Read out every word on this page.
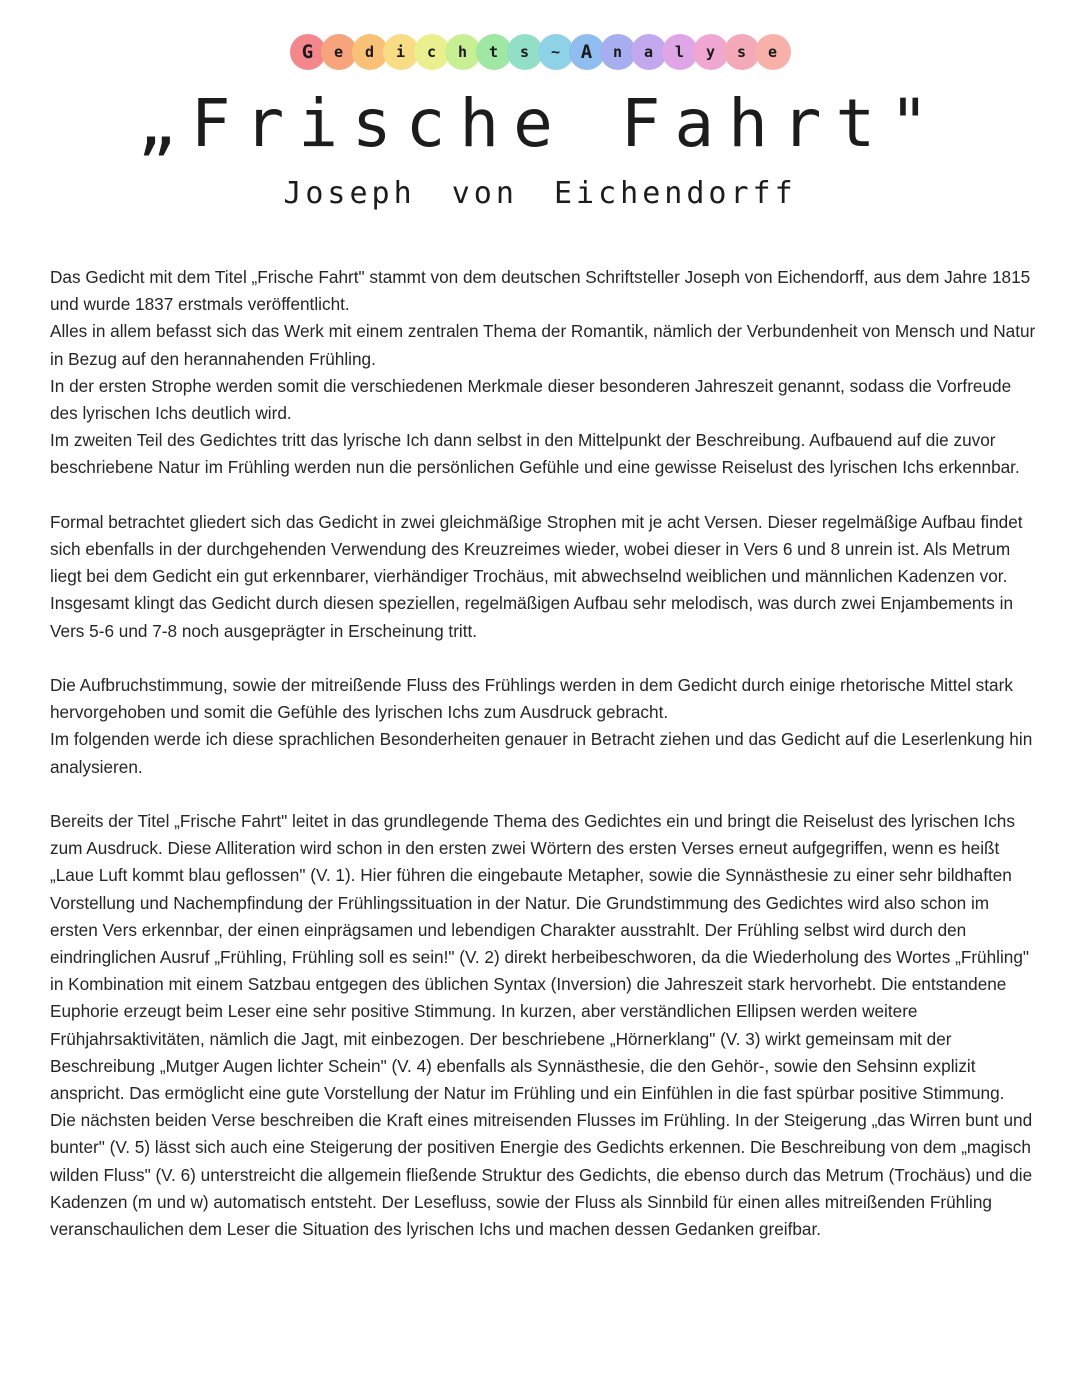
G	e	d	i	c	h	t	s	~	A	n	a	l	y	s	e
„Frische Fahrt"
Joseph von Eichendorff

Das Gedicht mit dem Titel „Frische Fahrt" stammt von dem deutschen Schriftsteller Joseph von Eichendorff, aus dem Jahre 1815 und wurde 1837 erstmals veröffentlicht.
Alles in allem befasst sich das Werk mit einem zentralen Thema der Romantik, nämlich der Verbundenheit von Mensch und Natur in Bezug auf den herannahenden Frühling.
In der ersten Strophe werden somit die verschiedenen Merkmale dieser besonderen Jahreszeit genannt, sodass die Vorfreude des lyrischen Ichs deutlich wird.
Im zweiten Teil des Gedichtes tritt das lyrische Ich dann selbst in den Mittelpunkt der Beschreibung. Aufbauend auf die zuvor beschriebene Natur im Frühling werden nun die persönlichen Gefühle und eine gewisse Reiselust des lyrischen Ichs erkennbar.

Formal betrachtet gliedert sich das Gedicht in zwei gleichmäßige Strophen mit je acht Versen. Dieser regelmäßige Aufbau findet sich ebenfalls in der durchgehenden Verwendung des Kreuzreimes wieder, wobei dieser in Vers 6 und 8 unrein ist. Als Metrum liegt bei dem Gedicht ein gut erkennbarer, vierhändiger Trochäus, mit abwechselnd weiblichen und männlichen Kadenzen vor.
Insgesamt klingt das Gedicht durch diesen speziellen, regelmäßigen Aufbau sehr melodisch, was durch zwei Enjambements in Vers 5-6 und 7-8 noch ausgeprägter in Erscheinung tritt.

Die Aufbruchstimmung, sowie der mitreißende Fluss des Frühlings werden in dem Gedicht durch einige rhetorische Mittel stark hervorgehoben und somit die Gefühle des lyrischen Ichs zum Ausdruck gebracht.
Im folgenden werde ich diese sprachlichen Besonderheiten genauer in Betracht ziehen und das Gedicht auf die Leserlenkung hin analysieren.

Bereits der Titel „Frische Fahrt" leitet in das grundlegende Thema des Gedichtes ein und bringt die Reiselust des lyrischen Ichs zum Ausdruck. Diese Alliteration wird schon in den ersten zwei Wörtern des ersten Verses erneut aufgegriffen, wenn es heißt „Laue Luft kommt blau geflossen" (V. 1). Hier führen die eingebaute Metapher, sowie die Synnästhesie zu einer sehr bildhaften Vorstellung und Nachempfindung der Frühlingssituation in der Natur. Die Grundstimmung des Gedichtes wird also schon im ersten Vers erkennbar, der einen einprägsamen und lebendigen Charakter ausstrahlt. Der Frühling selbst wird durch den eindringlichen Ausruf „Frühling, Frühling soll es sein!" (V. 2) direkt herbeibeschworen, da die Wiederholung des Wortes „Frühling" in Kombination mit einem Satzbau entgegen des üblichen Syntax (Inversion) die Jahreszeit stark hervorhebt. Die entstandene Euphorie erzeugt beim Leser eine sehr positive Stimmung. In kurzen, aber verständlichen Ellipsen werden weitere Frühjahrsaktivitäten, nämlich die Jagt, mit einbezogen. Der beschriebene „Hörnerklang" (V. 3) wirkt gemeinsam mit der Beschreibung „Mutger Augen lichter Schein" (V. 4) ebenfalls als Synnästhesie, die den Gehör-, sowie den Sehsinn explizit anspricht. Das ermöglicht eine gute Vorstellung der Natur im Frühling und ein Einfühlen in die fast spürbar positive Stimmung.
Die nächsten beiden Verse beschreiben die Kraft eines mitreisenden Flusses im Frühling. In der Steigerung „das Wirren bunt und bunter" (V. 5) lässt sich auch eine Steigerung der positiven Energie des Gedichts erkennen. Die Beschreibung von dem „magisch wilden Fluss" (V. 6) unterstreicht die allgemein fließende Struktur des Gedichts, die ebenso durch das Metrum (Trochäus) und die Kadenzen (m und w) automatisch entsteht. Der Lesefluss, sowie der Fluss als Sinnbild für einen alles mitreißenden Frühling veranschaulichen dem Leser die Situation des lyrischen Ichs und machen dessen Gedanken greifbar.
